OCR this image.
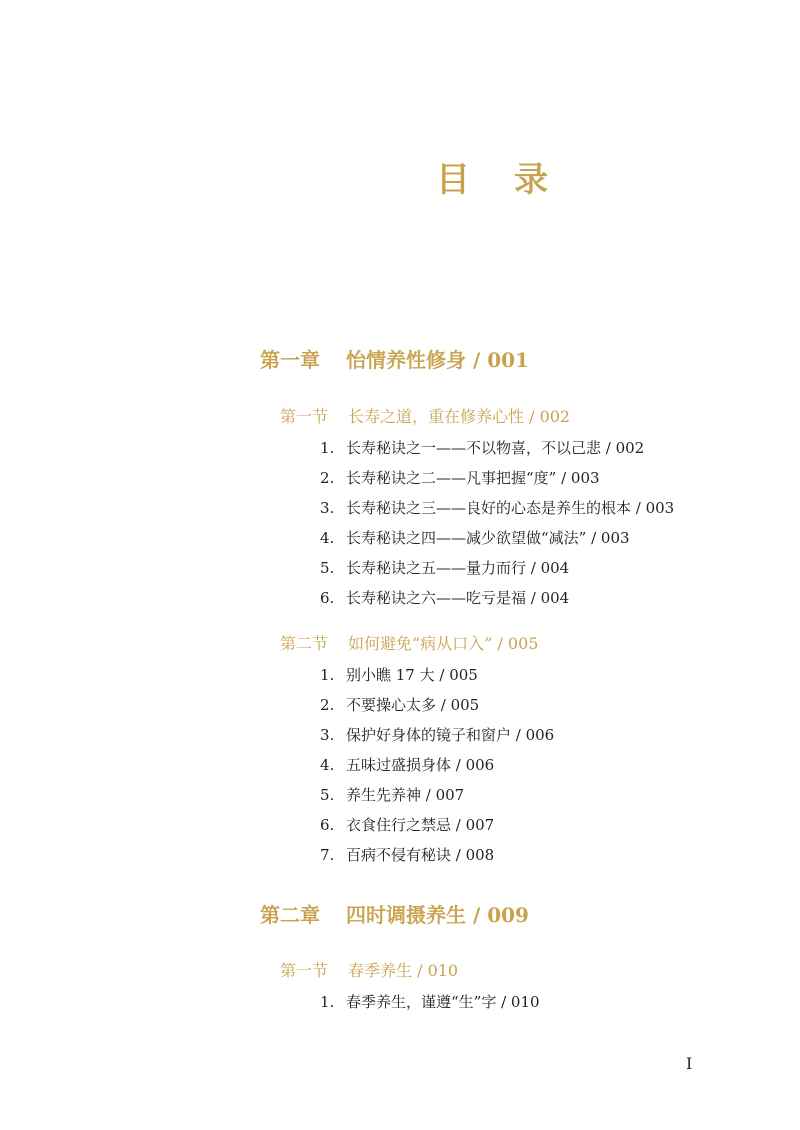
目录
第一章 怡情养性修身 / 001
第一节 长寿之道，重在修养心性 / 002
1. 长寿秘诀之一——不以物喜，不以己悲 / 002
2. 长寿秘诀之二——凡事把握“度” / 003
3. 长寿秘诀之三——良好的心态是养生的根本 / 003
4. 长寿秘诀之四——减少欲望做“减法” / 003
5. 长寿秘诀之五——量力而行 / 004
6. 长寿秘诀之六——吃亏是福 / 004
第二节 如何避免“病从口入” / 005
1. 别小瞧 17 大 / 005
2. 不要操心太多 / 005
3. 保护好身体的镜子和窗户 / 006
4. 五味过盛损身体 / 006
5. 养生先养神 / 007
6. 衣食住行之禁忌 / 007
7. 百病不侵有秘诀 / 008
第二章 四时调摄养生 / 009
第一节 春季养生 / 010
1. 春季养生，谨遵“生”字 / 010
I
